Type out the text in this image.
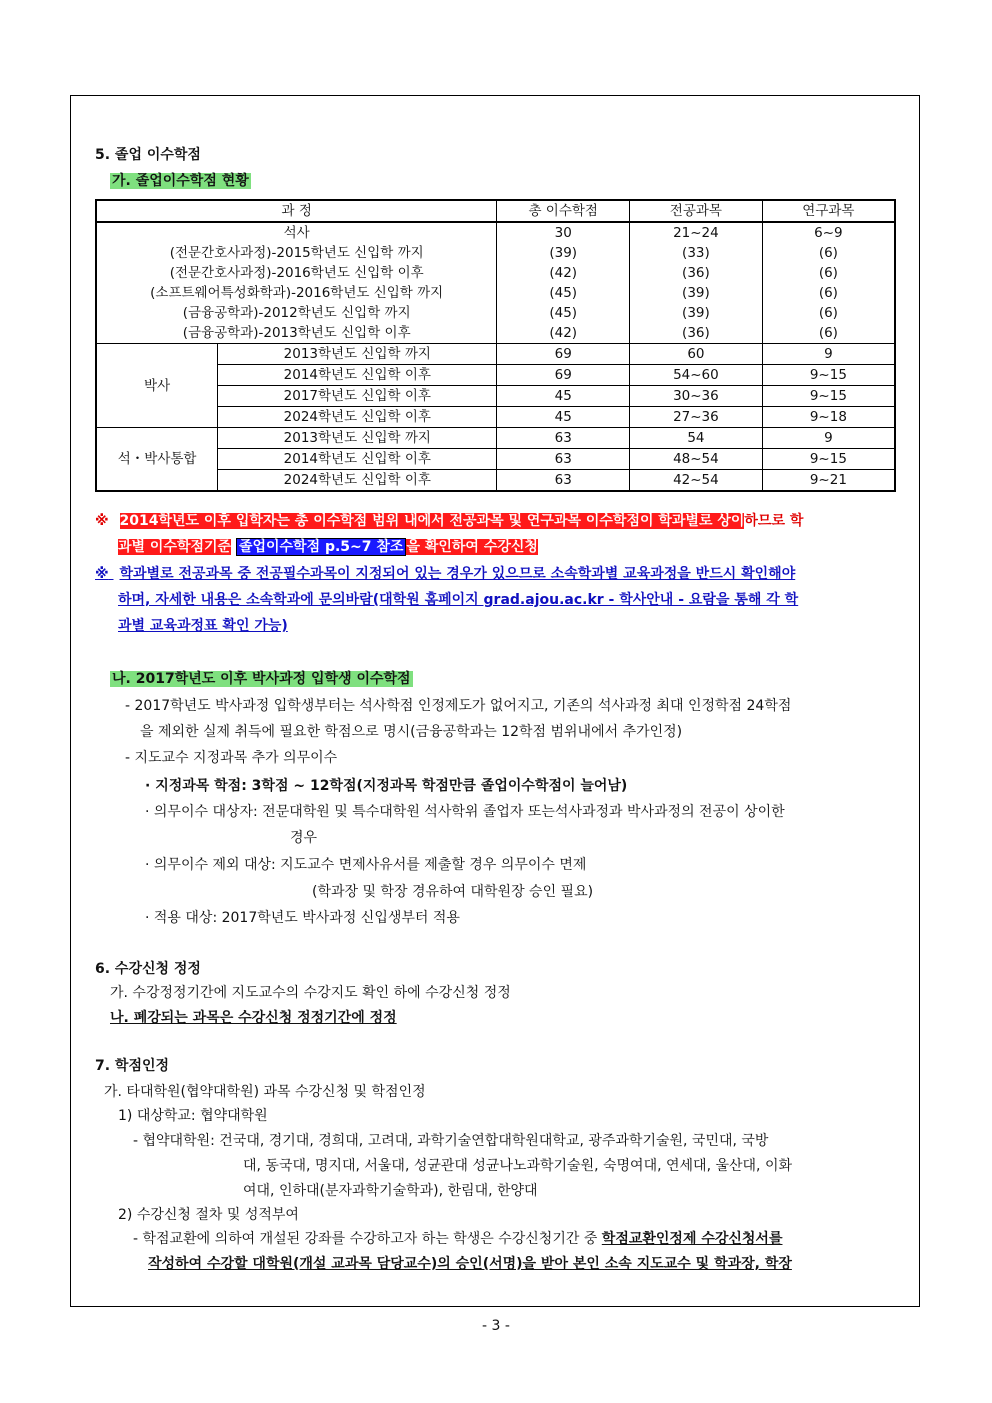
5. 졸업 이수학점
가. 졸업이수학점 현황
과 정		총 이수학점	전공과목	연구과목
석사		30	21~24	6~9
(전문간호사과정)-2015학년도 신입학 까지		(39)	(33)	(6)
(전문간호사과정)-2016학년도 신입학 이후		(42)	(36)	(6)
(소프트웨어특성화학과)-2016학년도 신입학 까지		(45)	(39)	(6)
(금융공학과)-2012학년도 신입학 까지		(45)	(39)	(6)
(금융공학과)-2013학년도 신입학 이후		(42)	(36)	(6)
박사	2013학년도 신입학 까지	69	60	9
	2014학년도 신입학 이후	69	54~60	9~15
	2017학년도 신입학 이후	45	30~36	9~15
	2024학년도 신입학 이후	45	27~36	9~18
석・박사통합	2013학년도 신입학 까지	63	54	9
	2014학년도 신입학 이후	63	48~54	9~15
	2024학년도 신입학 이후	63	42~54	9~21
※ 2014학년도 이후 입학자는 총 이수학점 범위 내에서 전공과목 및 연구과목 이수학점이 학과별로 상이하므로 학
과별 이수학점기준 졸업이수학점 p.5~7 참조 을 확인하여 수강신청
※ 학과별로 전공과목 중 전공필수과목이 지정되어 있는 경우가 있으므로 소속학과별 교육과정을 반드시 확인해야
하며, 자세한 내용은 소속학과에 문의바람(대학원 홈페이지 grad.ajou.ac.kr - 학사안내 - 요람을 통해 각 학
과별 교육과정표 확인 가능)
나. 2017학년도 이후 박사과정 입학생 이수학점
- 2017학년도 박사과정 입학생부터는 석사학점 인정제도가 없어지고, 기존의 석사과정 최대 인정학점 24학점
을 제외한 실제 취득에 필요한 학점으로 명시(금융공학과는 12학점 범위내에서 추가인정)
- 지도교수 지정과목 추가 의무이수
· 지정과목 학점: 3학점 ~ 12학점(지정과목 학점만큼 졸업이수학점이 늘어남)
· 의무이수 대상자: 전문대학원 및 특수대학원 석사학위 졸업자 또는석사과정과 박사과정의 전공이 상이한
경우
· 의무이수 제외 대상: 지도교수 면제사유서를 제출할 경우 의무이수 면제
(학과장 및 학장 경유하여 대학원장 승인 필요)
· 적용 대상: 2017학년도 박사과정 신입생부터 적용
6. 수강신청 정정
가. 수강정정기간에 지도교수의 수강지도 확인 하에 수강신청 정정
나. 폐강되는 과목은 수강신청 정정기간에 정정
7. 학점인정
가. 타대학원(협약대학원) 과목 수강신청 및 학점인정
1) 대상학교: 협약대학원
- 협약대학원: 건국대, 경기대, 경희대, 고려대, 과학기술연합대학원대학교, 광주과학기술원, 국민대, 국방
대, 동국대, 명지대, 서울대, 성균관대 성균나노과학기술원, 숙명여대, 연세대, 울산대, 이화
여대, 인하대(분자과학기술학과), 한림대, 한양대
2) 수강신청 절차 및 성적부여
- 학점교환에 의하여 개설된 강좌를 수강하고자 하는 학생은 수강신청기간 중 학점교환인정제 수강신청서를
작성하여 수강할 대학원(개설 교과목 담당교수)의 승인(서명)을 받아 본인 소속 지도교수 및 학과장, 학장
- 3 -
